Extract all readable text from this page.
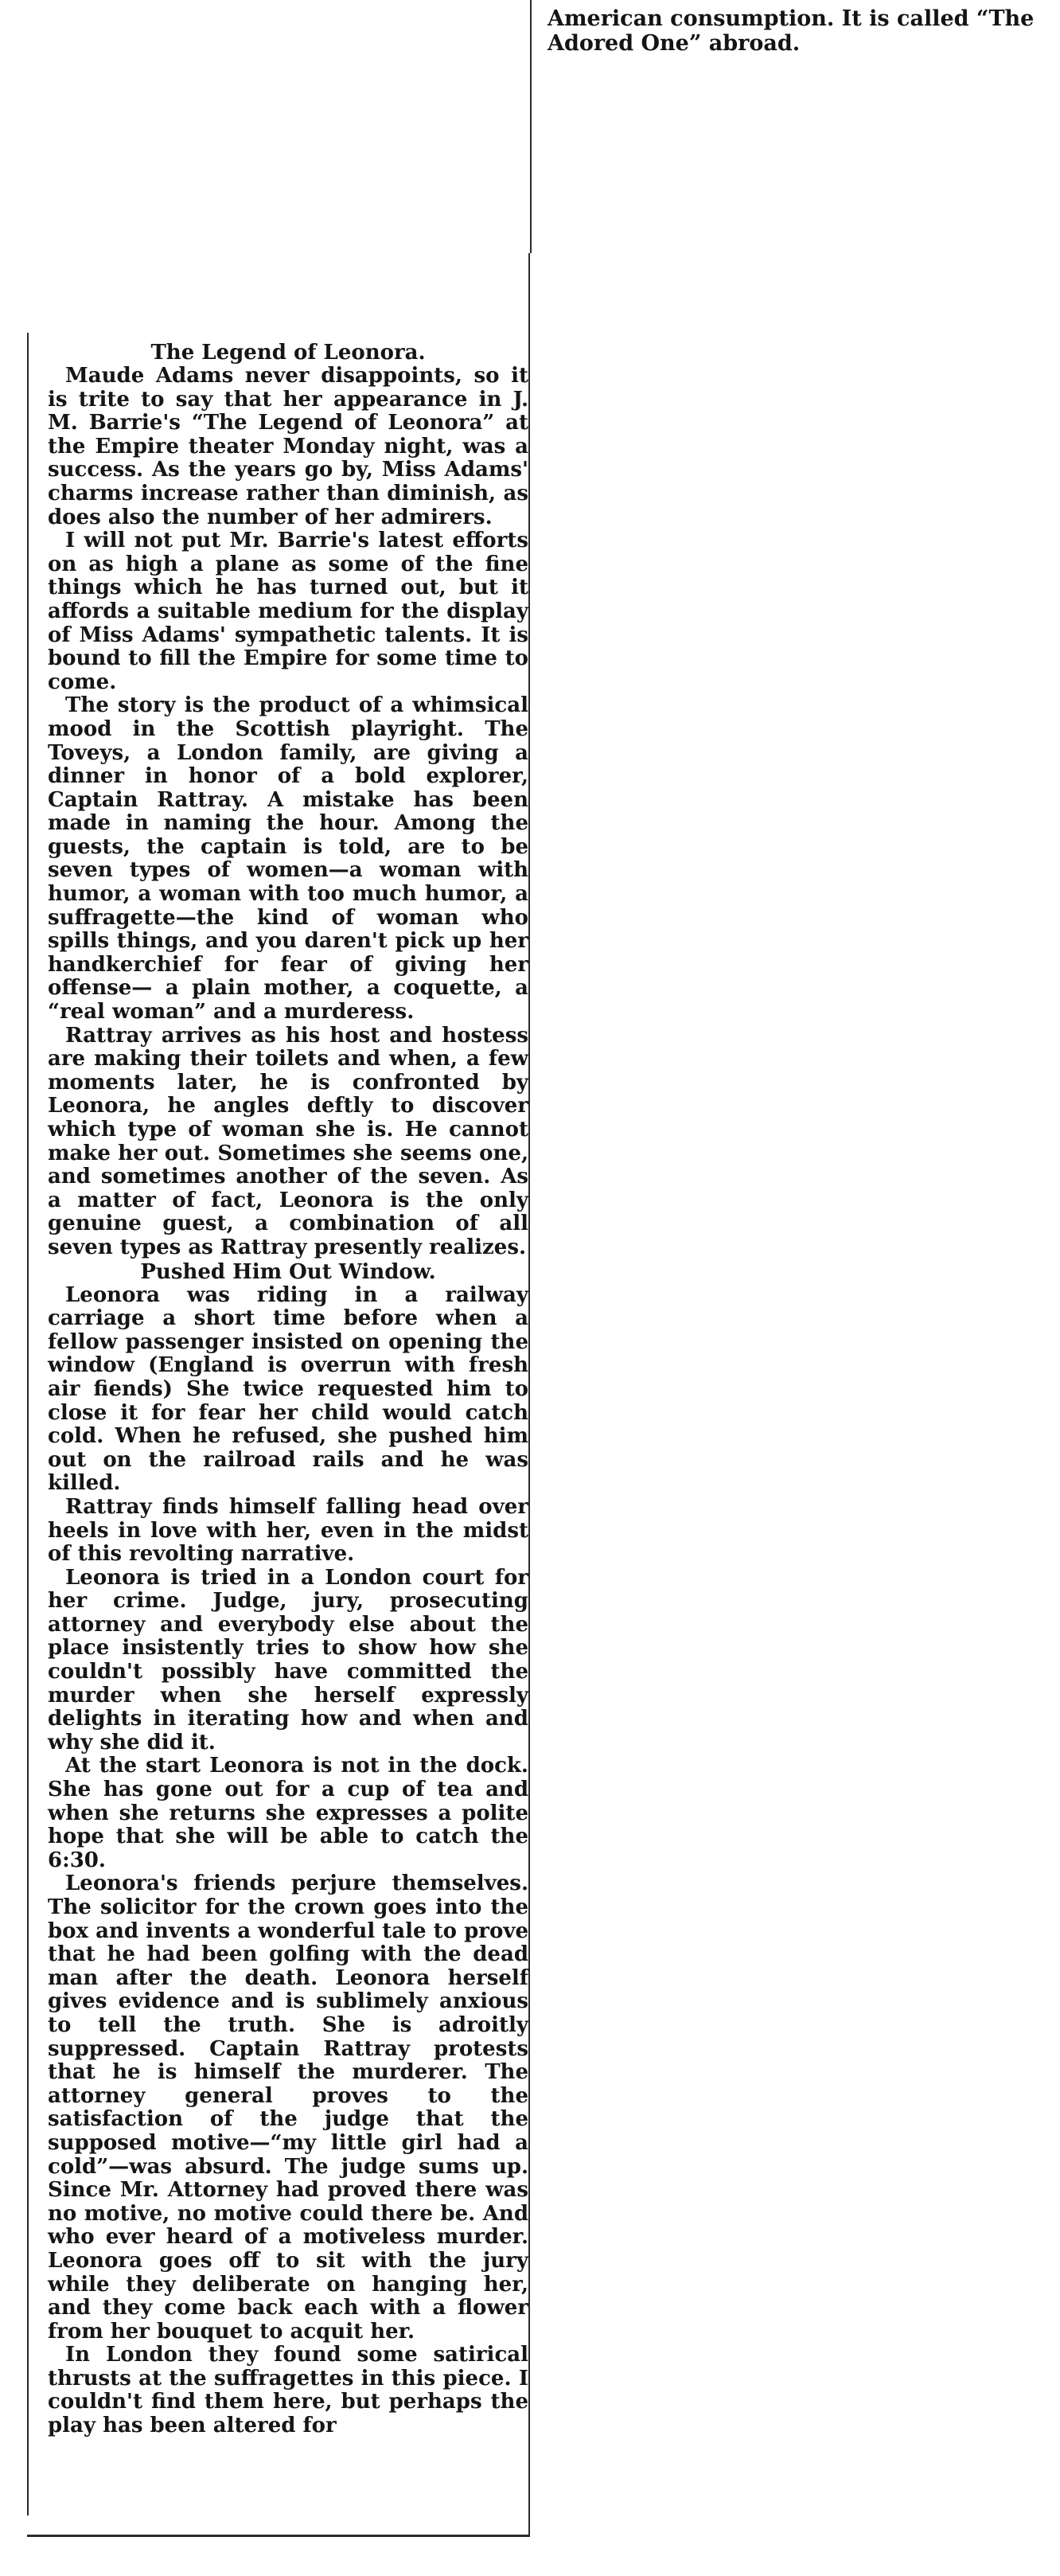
American consumption. It is called “The Adored One” abroad.

The Legend of Leonora.

Maude Adams never disappoints, so it is trite to say that her appearance in J. M. Barrie's “The Legend of Leonora” at the Empire theater Monday night, was a success. As the years go by, Miss Adams' charms increase rather than diminish, as does also the number of her admirers.

I will not put Mr. Barrie's latest efforts on as high a plane as some of the fine things which he has turned out, but it affords a suitable medium for the display of Miss Adams' sympathetic talents. It is bound to fill the Empire for some time to come.

The story is the product of a whimsical mood in the Scottish playright. The Toveys, a London family, are giving a dinner in honor of a bold explorer, Captain Rattray. A mistake has been made in naming the hour. Among the guests, the captain is told, are to be seven types of women—a woman with humor, a woman with too much humor, a suffragette—the kind of woman who spills things, and you daren't pick up her handkerchief for fear of giving her offense— a plain mother, a coquette, a “real woman” and a murderess.

Rattray arrives as his host and hostess are making their toilets and when, a few moments later, he is confronted by Leonora, he angles deftly to discover which type of woman she is. He cannot make her out. Sometimes she seems one, and sometimes another of the seven. As a matter of fact, Leonora is the only genuine guest, a combination of all seven types as Rattray presently realizes.

Pushed Him Out Window.

Leonora was riding in a railway carriage a short time before when a fellow passenger insisted on opening the window (England is overrun with fresh air fiends) She twice requested him to close it for fear her child would catch cold. When he refused, she pushed him out on the railroad rails and he was killed.

Rattray finds himself falling head over heels in love with her, even in the midst of this revolting narrative.

Leonora is tried in a London court for her crime. Judge, jury, prosecuting attorney and everybody else about the place insistently tries to show how she couldn't possibly have committed the murder when she herself expressly delights in iterating how and when and why she did it.

At the start Leonora is not in the dock. She has gone out for a cup of tea and when she returns she expresses a polite hope that she will be able to catch the 6:30.

Leonora's friends perjure themselves. The solicitor for the crown goes into the box and invents a wonderful tale to prove that he had been golfing with the dead man after the death. Leonora herself gives evidence and is sublimely anxious to tell the truth. She is adroitly suppressed. Captain Rattray protests that he is himself the murderer. The attorney general proves to the satisfaction of the judge that the supposed motive—“my little girl had a cold”—was absurd. The judge sums up. Since Mr. Attorney had proved there was no motive, no motive could there be. And who ever heard of a motiveless murder. Leonora goes off to sit with the jury while they deliberate on hanging her, and they come back each with a flower from her bouquet to acquit her.

In London they found some satirical thrusts at the suffragettes in this piece. I couldn't find them here, but perhaps the play has been altered for
